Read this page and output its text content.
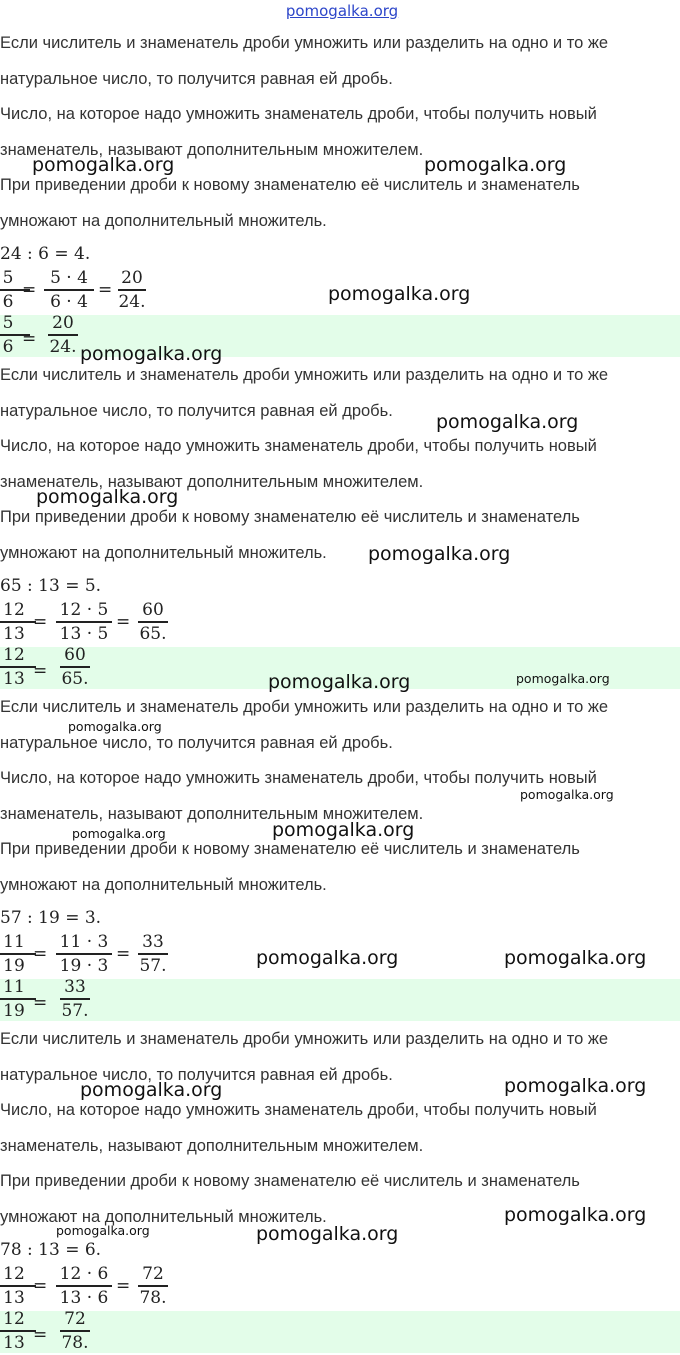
pomogalka.org

Если числитель и знаменатель дроби умножить или разделить на одно и то же

натуральное число, то получится равная ей дробь.

Число, на которое надо умножить знаменатель дроби, чтобы получить новый

знаменатель, называют дополнительным множителем.

При приведении дроби к новому знаменателю её числитель и знаменатель

умножают на дополнительный множитель.

24 : 6 = 4.
5
6
=
5 · 4
6 · 4
=
20
24.
5
6 =
20
24.

Если числитель и знаменатель дроби умножить или разделить на одно и то же

натуральное число, то получится равная ей дробь.

Число, на которое надо умножить знаменатель дроби, чтобы получить новый

знаменатель, называют дополнительным множителем.

При приведении дроби к новому знаменателю её числитель и знаменатель

умножают на дополнительный множитель.

65 : 13 = 5.
12
13
=
12 · 5
13 · 5
=
60
65.
12
13 =
60
65.

Если числитель и знаменатель дроби умножить или разделить на одно и то же

натуральное число, то получится равная ей дробь.

Число, на которое надо умножить знаменатель дроби, чтобы получить новый

знаменатель, называют дополнительным множителем.

При приведении дроби к новому знаменателю её числитель и знаменатель

умножают на дополнительный множитель.

57 : 19 = 3.
11
19
=
11 · 3
19 · 3
=
33
57.
11
19 =
33
57.

Если числитель и знаменатель дроби умножить или разделить на одно и то же

натуральное число, то получится равная ей дробь.

Число, на которое надо умножить знаменатель дроби, чтобы получить новый

знаменатель, называют дополнительным множителем.

При приведении дроби к новому знаменателю её числитель и знаменатель

умножают на дополнительный множитель.

78 : 13 = 6.
12
13
=
12 · 6
13 · 6
=
72
78.
12
13 =
72
78.
pomogalka.org	pomogalka.org
pomogalka.org
pomogalka.org
pomogalka.org
pomogalka.org
pomogalka.org
pomogalka.org	pomogalka.org
pomogalka.org
pomogalka.org
pomogalka.org	pomogalka.org
pomogalka.org	pomogalka.org
pomogalka.org	pomogalka.org
pomogalka.org
pomogalka.org	pomogalka.org
